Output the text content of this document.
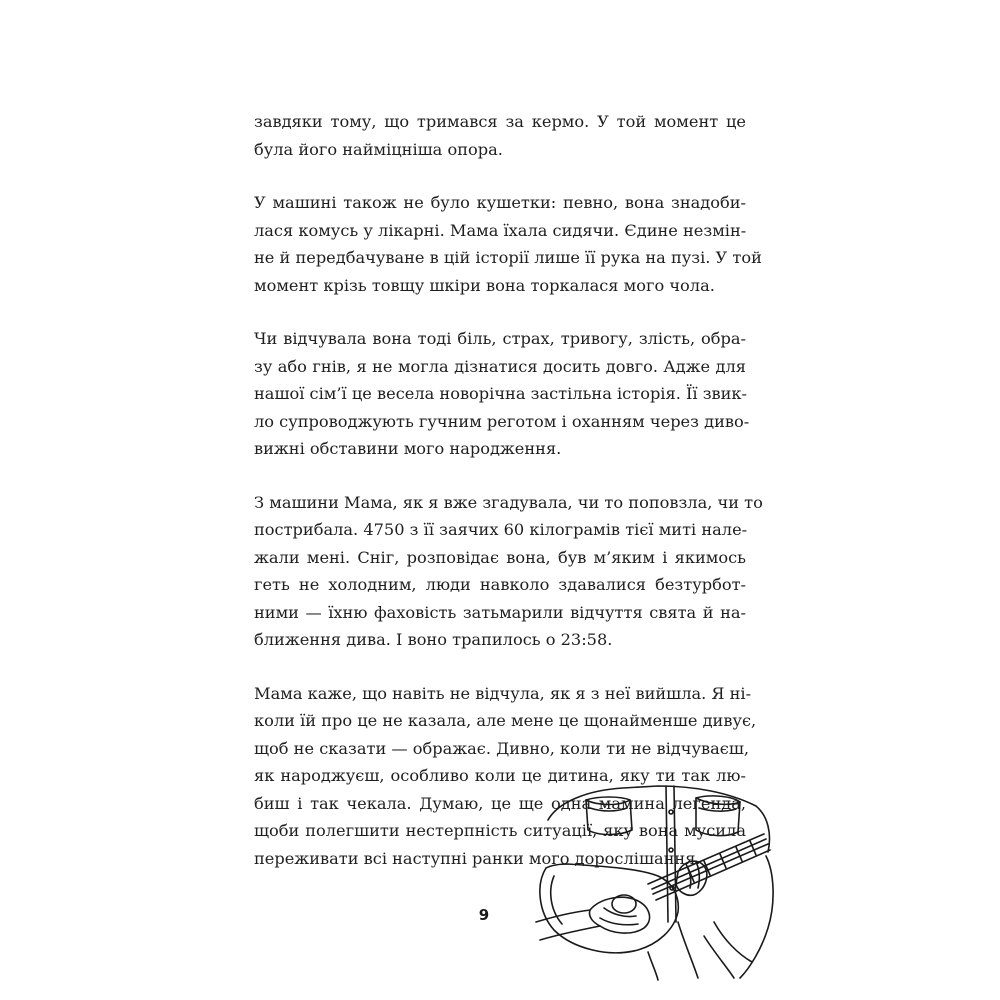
завдяки тому, що тримався за кермо. У той момент це
була його найміцніша опора.

У машині також не було кушетки: певно, вона знадоби-
лася комусь у лікарні. Мама їхала сидячи. Єдине незмін-
не й передбачуване в цій історії лише її рука на пузі. У той
момент крізь товщу шкіри вона торкалася мого чола.

Чи відчувала вона тоді біль, страх, тривогу, злість, обра-
зу або гнів, я не могла дізнатися досить довго. Адже для
нашої сім’ї це весела новорічна застільна історія. Її звик-
ло супроводжують гучним реготом і оханням через диво-
вижні обставини мого народження.

З машини Мама, як я вже згадувала, чи то поповзла, чи то
пострибала. 4750 з її заячих 60 кілограмів тієї миті нале-
жали мені. Сніг, розповідає вона, був м’яким і якимось
геть не холодним, люди навколо здавалися безтурбот-
ними — їхню фаховість затьмарили відчуття свята й на-
ближення дива. І воно трапилось о 23:58.

Мама каже, що навіть не відчула, як я з неї вийшла. Я ні-
коли їй про це не казала, але мене це щонайменше дивує,
щоб не сказати — ображає. Дивно, коли ти не відчуваєш,
як народжуєш, особливо коли це дитина, яку ти так лю-
биш і так чекала. Думаю, це ще одна мамина легенда,
щоби полегшити нестерпність ситуації, яку вона мусила
переживати всі наступні ранки мого дорослішання.

9
